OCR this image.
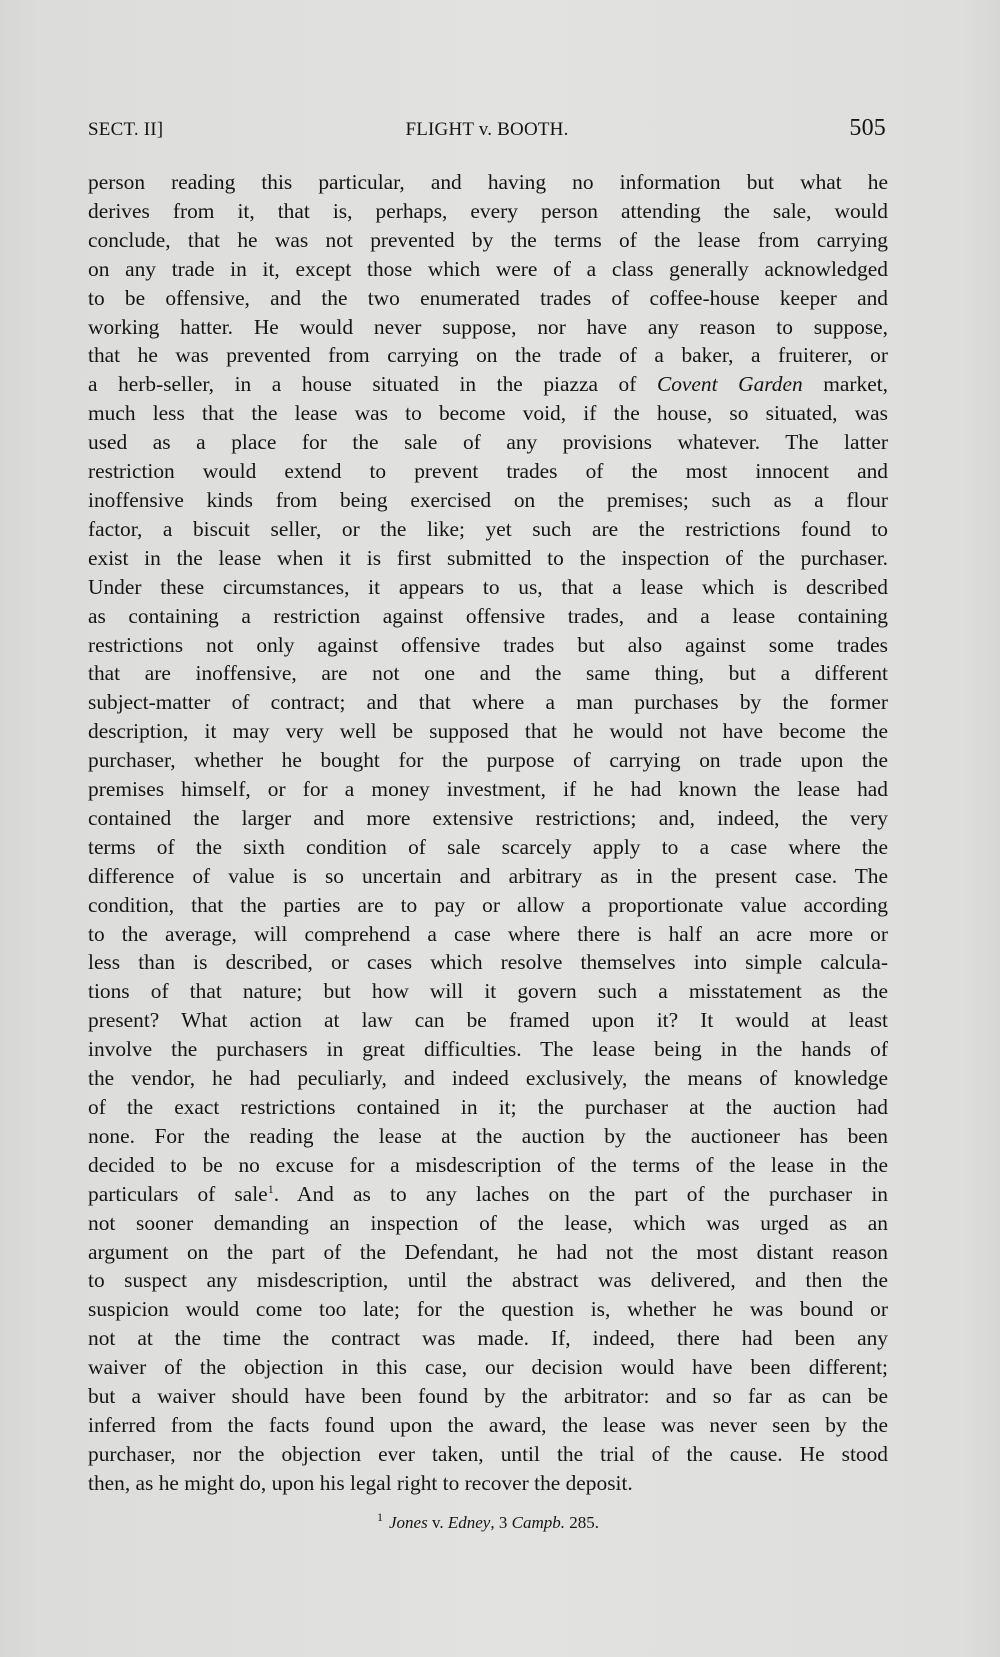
SECT. II]	FLIGHT v. BOOTH.	505
person reading this particular, and having no information but what he
derives from it, that is, perhaps, every person attending the sale, would
conclude, that he was not prevented by the terms of the lease from carrying
on any trade in it, except those which were of a class generally acknowledged
to be offensive, and the two enumerated trades of coffee-house keeper and
working hatter. He would never suppose, nor have any reason to suppose,
that he was prevented from carrying on the trade of a baker, a fruiterer, or
a herb-seller, in a house situated in the piazza of Covent Garden market,
much less that the lease was to become void, if the house, so situated, was
used as a place for the sale of any provisions whatever. The latter
restriction would extend to prevent trades of the most innocent and
inoffensive kinds from being exercised on the premises; such as a flour
factor, a biscuit seller, or the like; yet such are the restrictions found to
exist in the lease when it is first submitted to the inspection of the purchaser.
Under these circumstances, it appears to us, that a lease which is described
as containing a restriction against offensive trades, and a lease containing
restrictions not only against offensive trades but also against some trades
that are inoffensive, are not one and the same thing, but a different
subject-matter of contract; and that where a man purchases by the former
description, it may very well be supposed that he would not have become the
purchaser, whether he bought for the purpose of carrying on trade upon the
premises himself, or for a money investment, if he had known the lease had
contained the larger and more extensive restrictions; and, indeed, the very
terms of the sixth condition of sale scarcely apply to a case where the
difference of value is so uncertain and arbitrary as in the present case. The
condition, that the parties are to pay or allow a proportionate value according
to the average, will comprehend a case where there is half an acre more or
less than is described, or cases which resolve themselves into simple calcula-
tions of that nature; but how will it govern such a misstatement as the
present? What action at law can be framed upon it? It would at least
involve the purchasers in great difficulties. The lease being in the hands of
the vendor, he had peculiarly, and indeed exclusively, the means of knowledge
of the exact restrictions contained in it; the purchaser at the auction had
none. For the reading the lease at the auction by the auctioneer has been
decided to be no excuse for a misdescription of the terms of the lease in the
particulars of sale$^1$. And as to any laches on the part of the purchaser in
not sooner demanding an inspection of the lease, which was urged as an
argument on the part of the Defendant, he had not the most distant reason
to suspect any misdescription, until the abstract was delivered, and then the
suspicion would come too late; for the question is, whether he was bound or
not at the time the contract was made. If, indeed, there had been any
waiver of the objection in this case, our decision would have been different;
but a waiver should have been found by the arbitrator: and so far as can be
inferred from the facts found upon the award, the lease was never seen by the
purchaser, nor the objection ever taken, until the trial of the cause. He stood
then, as he might do, upon his legal right to recover the deposit.
$^1$ Jones v. Edney, 3 Campb. 285.
